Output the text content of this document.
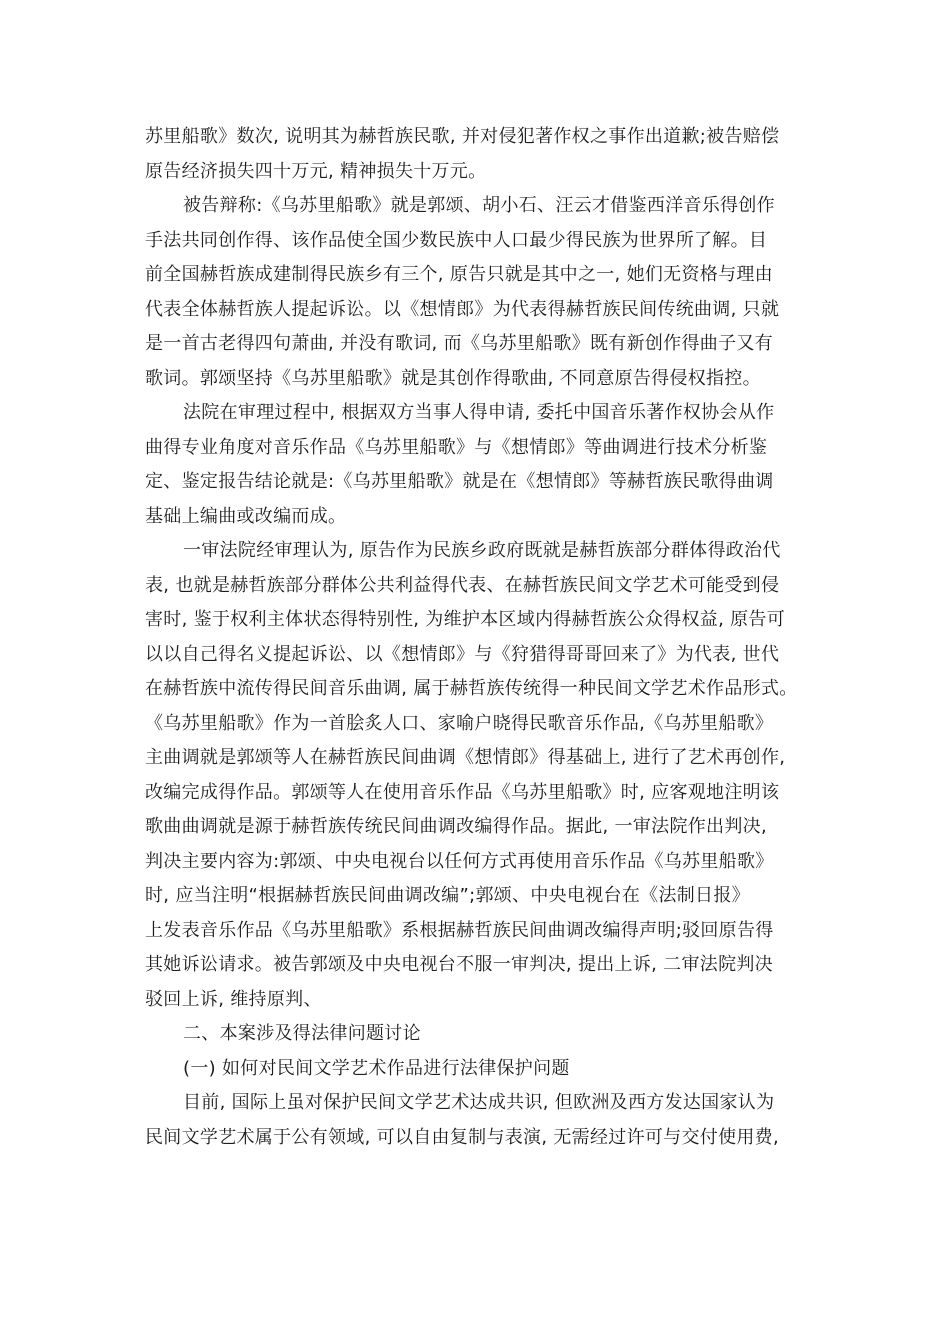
苏里船歌》数次, 说明其为赫哲族民歌, 并对侵犯著作权之事作出道歉;被告赔偿
原告经济损失四十万元, 精神损失十万元。
被告辩称:《乌苏里船歌》就是郭颂、胡小石、汪云才借鉴西洋音乐得创作
手法共同创作得、该作品使全国少数民族中人口最少得民族为世界所了解。目
前全国赫哲族成建制得民族乡有三个, 原告只就是其中之一, 她们无资格与理由
代表全体赫哲族人提起诉讼。以《想情郎》为代表得赫哲族民间传统曲调, 只就
是一首古老得四句萧曲, 并没有歌词, 而《乌苏里船歌》既有新创作得曲子又有
歌词。郭颂坚持《乌苏里船歌》就是其创作得歌曲, 不同意原告得侵权指控。
法院在审理过程中, 根据双方当事人得申请, 委托中国音乐著作权协会从作
曲得专业角度对音乐作品《乌苏里船歌》与《想情郎》等曲调进行技术分析鉴
定、鉴定报告结论就是:《乌苏里船歌》就是在《想情郎》等赫哲族民歌得曲调
基础上编曲或改编而成。
一审法院经审理认为, 原告作为民族乡政府既就是赫哲族部分群体得政治代
表, 也就是赫哲族部分群体公共利益得代表、在赫哲族民间文学艺术可能受到侵
害时, 鉴于权利主体状态得特别性, 为维护本区域内得赫哲族公众得权益, 原告可
以以自己得名义提起诉讼、以《想情郎》与《狩猎得哥哥回来了》为代表, 世代
在赫哲族中流传得民间音乐曲调, 属于赫哲族传统得一种民间文学艺术作品形式。
《乌苏里船歌》作为一首脍炙人口、家喻户晓得民歌音乐作品,《乌苏里船歌》
主曲调就是郭颂等人在赫哲族民间曲调《想情郎》得基础上, 进行了艺术再创作,
改编完成得作品。郭颂等人在使用音乐作品《乌苏里船歌》时, 应客观地注明该
歌曲曲调就是源于赫哲族传统民间曲调改编得作品。据此, 一审法院作出判决,
判决主要内容为:郭颂、中央电视台以任何方式再使用音乐作品《乌苏里船歌》
时, 应当注明“根据赫哲族民间曲调改编”;郭颂、中央电视台在《法制日报》
上发表音乐作品《乌苏里船歌》系根据赫哲族民间曲调改编得声明;驳回原告得
其她诉讼请求。被告郭颂及中央电视台不服一审判决, 提出上诉, 二审法院判决
驳回上诉, 维持原判、
二、本案涉及得法律问题讨论
(一) 如何对民间文学艺术作品进行法律保护问题
目前, 国际上虽对保护民间文学艺术达成共识, 但欧洲及西方发达国家认为
民间文学艺术属于公有领域, 可以自由复制与表演, 无需经过许可与交付使用费,
